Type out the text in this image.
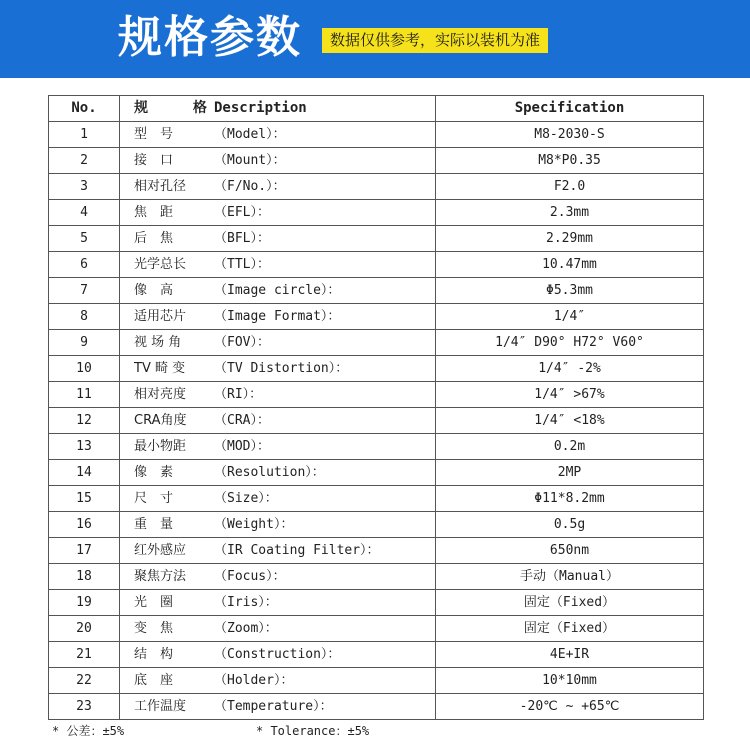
规格参数	数据仅供参考，实际以装机为准
No.	规 格Description	Specification
1	型　号 （Model）：	M8-2030-S
2	接　口 （Mount）：	M8*P0.35
3	相对孔径 （F/No.）：	F2.0
4	焦　距 （EFL）：	2.3mm
5	后　焦 （BFL）：	2.29mm
6	光学总长 （TTL）：	10.47mm
7	像　高 （Image circle）：	Φ5.3mm
8	适用芯片 （Image Format）：	1/4″
9	视 场 角 （FOV）：	1/4″ D90° H72° V60°
10	TV 畸 变 （TV Distortion）：	1/4″ -2%
11	相对亮度 （RI）：	1/4″ >67%
12	CRA角度 （CRA）：	1/4″ <18%
13	最小物距 （MOD）：	0.2m
14	像　素 （Resolution）：	2MP
15	尺　寸 （Size）：	Φ11*8.2mm
16	重　量 （Weight）：	0.5g
17	红外感应 （IR Coating Filter）：	650nm
18	聚焦方法 （Focus）：	手动（Manual）
19	光　圈 （Iris）：	固定（Fixed）
20	变　焦 （Zoom）：	固定（Fixed）
21	结　构 （Construction）：	4E+IR
22	底　座 （Holder）：	10*10mm
23	工作温度 （Temperature）：	-20℃ ~ +65℃
* 公差：±5%	* Tolerance：±5%
